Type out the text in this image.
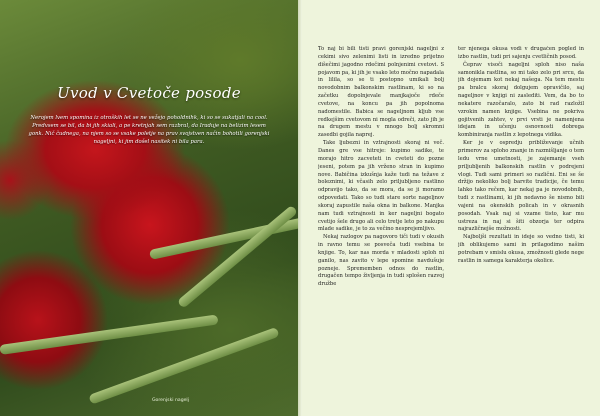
Uvod v Cvetoče posode
Nerojem lvem spomina iz otroških let se ne vežejo poholdnihk, ki so se sukatjali na cool. Predvsem se bil, da bi jih skiali, a pe kretnjah sem razbral, da Iraduje na belizim lesem gonk. Nič čudnega, na njem so se vsake poletje na prav svojstven način bohotili gorenjski nageljni, ki jim došel nasitek ni bila para.
Gorenjski nagelj

To naj bi bili tisti pravi gorenjski nageljni z cekimi sivo zelenimi listi in izredno prijetno dišečimi jagodno rdečimi polnjenimi cvetovi. S pojavom pa, ki jih je vsako leto močno napadala in lilila, so se ti postopno umikali bolj novodobnim balkonskim rastlinam, ki so na začetku dopolnjevale manjkajoče rdeče cvetove, na koncu pa jih popolnoma nadomestile. Babica se nageljnom kljub vse redkejšim cvetovom ni mogla odreči, zato jih je na drugem mestu v mnogo bolj skromni zasedbi gojila naprej.

Take ljubezni in vztrajnosti skoraj ni več. Danes gre vse hitreje: kupimo sadike, te morajo hitro zacveteti in cveteti do pozne jeseni, potem pa jih vrženo stran in kupimo nove. Babičina izkušnja kaže tudi na težave z boleznimi, ki včasih zelo priljubljeno rastlino odpravijo tako, da se mora, da se ji moramo odpovedati. Tako so tudi stare sorte nageljnov skoraj zapustile naša okna in balkone. Manjka nam tudi vztrajnosti in ker nageljni bogato cvetijo šele drugo ali celo tretje leto po nakupu mlade sadike, je to za večino nesprejemljivo.

Nekaj razlogov pa nagovoro tiči tudi v okusih in ravno temu se posveča tudi vsebina te knjige. To, kar nas morda v mladosti sploh ni ganilo, nas zavito v lepe spomine navdušuje pozneje. Sprememben odnos do rastlin, drugačen tempo življenja in tudi splošen razvoj družbe

ter njenega okusa vodi v drugačen pogled in izbo rastlin, tudi pri sajenju cvetličnih posod.

Čeprav visoči nageljni sploh niso naša samonikla rastlina, so mi tako zelo pri srcu, da jih dojemam kot nekaj našega. Na tem mestu pa bralcu skoraj dolgujem opravičilo, saj nageljnov v knjigi ni zaslediti. Vem, da bo to nekatere razočaralo, zato bi rad razložil vzrokin namen knjige. Vsebina ne pokriva gojitvenih zahtev, v prvi vrsti je namenjena idejam in učenju osnovnosti dobrega kombiniranja rastlin z lepotnega vidika.

Ker je v ospredju približevanje učnih primerov za sploho znanje in razmišljanje o tem ledu vrne umetnosti, je zajemanje vseh priljubljenih balkonskih rastlin v podrejeni vlogi. Tudi sami primeri so različni. Eni se še držijo nekoliko bolj barvite tradicije, če temu lahko tako rečem, kar nekaj pa je novodobnih, tudi z rastlinami, ki jih nedavno še nismo bili vajeni na okenskih policah in v okrasnih posodah. Vsak naj si vzame tisto, kar mu ustreza in naj si šiti obzorja ter odpira najrazličnejše možnosti.

Najboljši rezultati in ideje so vedno tisti, ki jih oblikujemo sami in prilagodimo našim potrebam v smislu okusa, zmožnosti glede nege rastlin in samega karakterja okolice.
